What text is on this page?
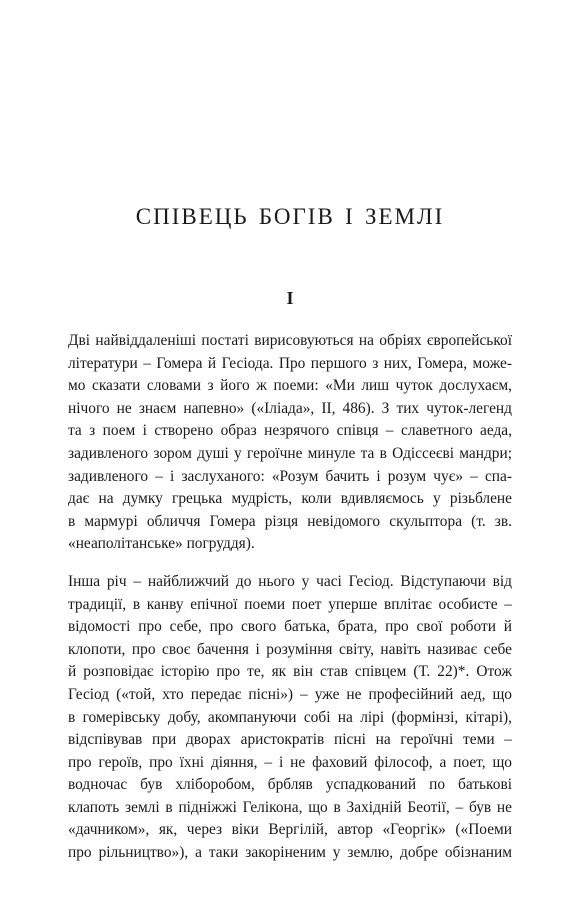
співець богів і землі
I

Дві найвіддаленіші постаті вирисовуються на обріях європейської
літератури – Гомера й Гесіода. Про першого з них, Гомера, може-
мо сказати словами з його ж поеми: «Ми лиш чуток дослухаєм,
нічого не знаєм напевно» («Іліада», II, 486). З тих чуток-легенд
та з поем і створено образ незрячого співця – славетного аеда,
задивленого зором душі у героїчне минуле та в Одіссеєві мандри;
задивленого – і заслуханого: «Розум бачить і розум чує» – спа-
дає на думку грецька мудрість, коли вдивляємось у різьблене
в мармурі обличчя Гомера різця невідомого скульптора (т. зв.
«неаполітанське» погруддя).

Інша річ – найближчий до нього у часі Гесіод. Відступаючи від
традиції, в канву епічної поеми поет уперше вплітає особисте –
відомості про себе, про свого батька, брата, про свої роботи й
клопоти, про своє бачення і розуміння світу, навіть називає себе
й розповідає історію про те, як він став співцем (Т. 22)*. Отож
Гесіод («той, хто передає пісні») – уже не професійний аед, що
в гомерівську добу, акомпануючи собі на лірі (формінзі, кітарі),
відспівував при дворах аристократів пісні на героїчні теми –
про героїв, про їхні діяння, – і не фаховий філософ, а поет, що
водночас був хліборобом, брбляв успадкований по батькові
клапоть землі в підніжжі Гелікона, що в Західній Беотії, – був не
«дачником», як, через віки Вергілій, автор «Георгік» («Поеми
про рільництво»), а таки закоріненим у землю, добре обізнаним
